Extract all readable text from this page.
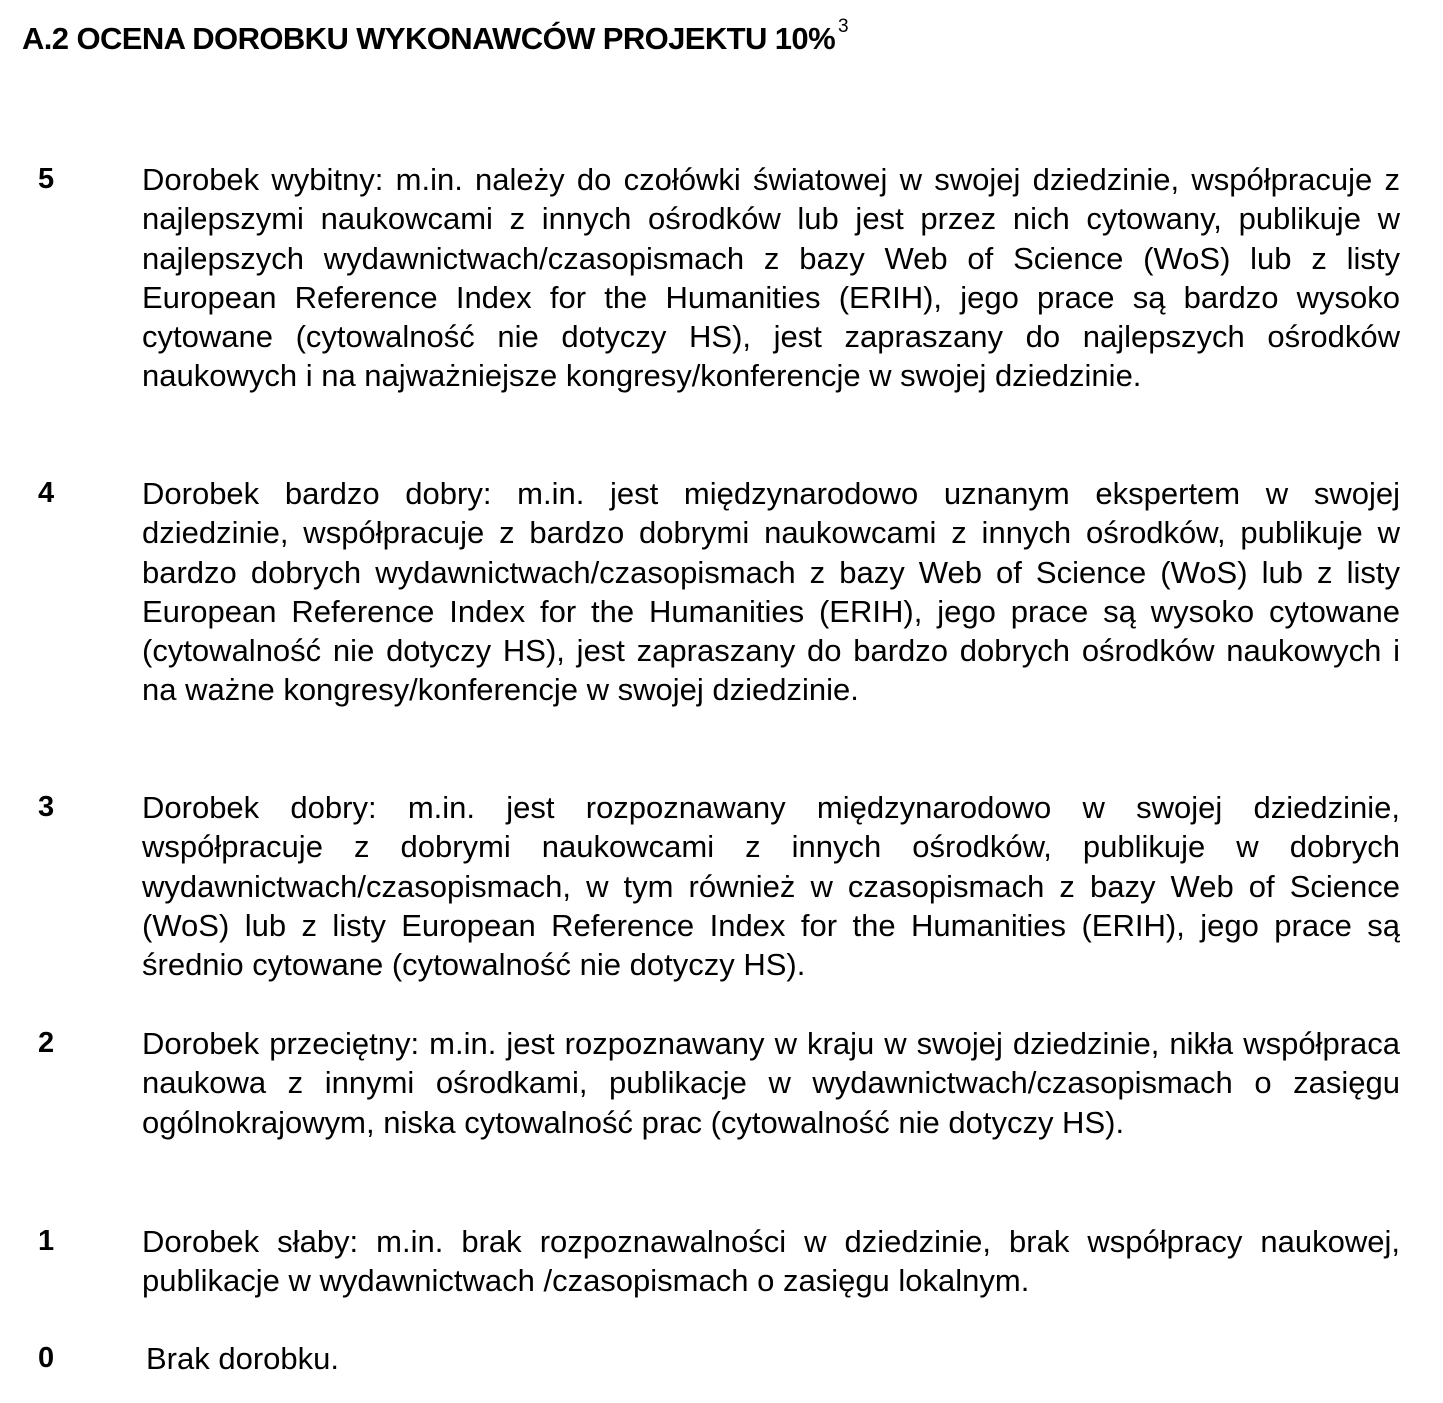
A.2 OCENA DOROBKU WYKONAWCÓW PROJEKTU 10% $^3$
5	Dorobek wybitny: m.in. należy do czołówki światowej w swojej dziedzinie, współpracuje z najlepszymi naukowcami z innych ośrodków lub jest przez nich cytowany, publikuje w najlepszych wydawnictwach/czasopismach z bazy Web of Science (WoS) lub z listy European Reference Index for the Humanities (ERIH), jego prace są bardzo wysoko cytowane (cytowalność nie dotyczy HS), jest zapraszany do najlepszych ośrodków naukowych i na najważniejsze kongresy/konferencje w swojej dziedzinie.
4	Dorobek bardzo dobry: m.in. jest międzynarodowo uznanym ekspertem w swojej dziedzinie, współpracuje z bardzo dobrymi naukowcami z innych ośrodków, publikuje w bardzo dobrych wydawnictwach/czasopismach z bazy Web of Science (WoS) lub z listy European Reference Index for the Humanities (ERIH), jego prace są wysoko cytowane (cytowalność nie dotyczy HS), jest zapraszany do bardzo dobrych ośrodków naukowych i na ważne kongresy/konferencje w swojej dziedzinie.
3	Dorobek dobry: m.in. jest rozpoznawany międzynarodowo w swojej dziedzinie, współpracuje z dobrymi naukowcami z innych ośrodków, publikuje w dobrych wydawnictwach/czasopismach, w tym również w czasopismach z bazy Web of Science (WoS) lub z listy European Reference Index for the Humanities (ERIH), jego prace są średnio cytowane (cytowalność nie dotyczy HS).
2	Dorobek przeciętny: m.in. jest rozpoznawany w kraju w swojej dziedzinie, nikła współpraca naukowa z innymi ośrodkami, publikacje w wydawnictwach/czasopismach o zasięgu ogólnokrajowym, niska cytowalność prac (cytowalność nie dotyczy HS).
1	Dorobek słaby: m.in. brak rozpoznawalności w dziedzinie, brak współpracy naukowej, publikacje w wydawnictwach /czasopismach o zasięgu lokalnym.
0	Brak dorobku.
